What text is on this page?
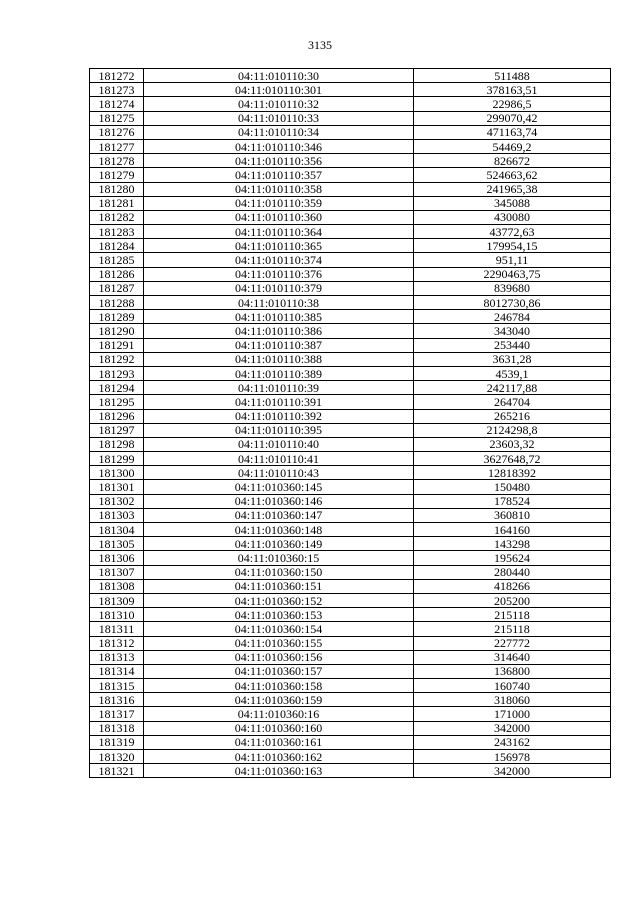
3135
181272	04:11:010110:30	511488
181273	04:11:010110:301	378163,51
181274	04:11:010110:32	22986,5
181275	04:11:010110:33	299070,42
181276	04:11:010110:34	471163,74
181277	04:11:010110:346	54469,2
181278	04:11:010110:356	826672
181279	04:11:010110:357	524663,62
181280	04:11:010110:358	241965,38
181281	04:11:010110:359	345088
181282	04:11:010110:360	430080
181283	04:11:010110:364	43772,63
181284	04:11:010110:365	179954,15
181285	04:11:010110:374	951,11
181286	04:11:010110:376	2290463,75
181287	04:11:010110:379	839680
181288	04:11:010110:38	8012730,86
181289	04:11:010110:385	246784
181290	04:11:010110:386	343040
181291	04:11:010110:387	253440
181292	04:11:010110:388	3631,28
181293	04:11:010110:389	4539,1
181294	04:11:010110:39	242117,88
181295	04:11:010110:391	264704
181296	04:11:010110:392	265216
181297	04:11:010110:395	2124298,8
181298	04:11:010110:40	23603,32
181299	04:11:010110:41	3627648,72
181300	04:11:010110:43	12818392
181301	04:11:010360:145	150480
181302	04:11:010360:146	178524
181303	04:11:010360:147	360810
181304	04:11:010360:148	164160
181305	04:11:010360:149	143298
181306	04:11:010360:15	195624
181307	04:11:010360:150	280440
181308	04:11:010360:151	418266
181309	04:11:010360:152	205200
181310	04:11:010360:153	215118
181311	04:11:010360:154	215118
181312	04:11:010360:155	227772
181313	04:11:010360:156	314640
181314	04:11:010360:157	136800
181315	04:11:010360:158	160740
181316	04:11:010360:159	318060
181317	04:11:010360:16	171000
181318	04:11:010360:160	342000
181319	04:11:010360:161	243162
181320	04:11:010360:162	156978
181321	04:11:010360:163	342000
